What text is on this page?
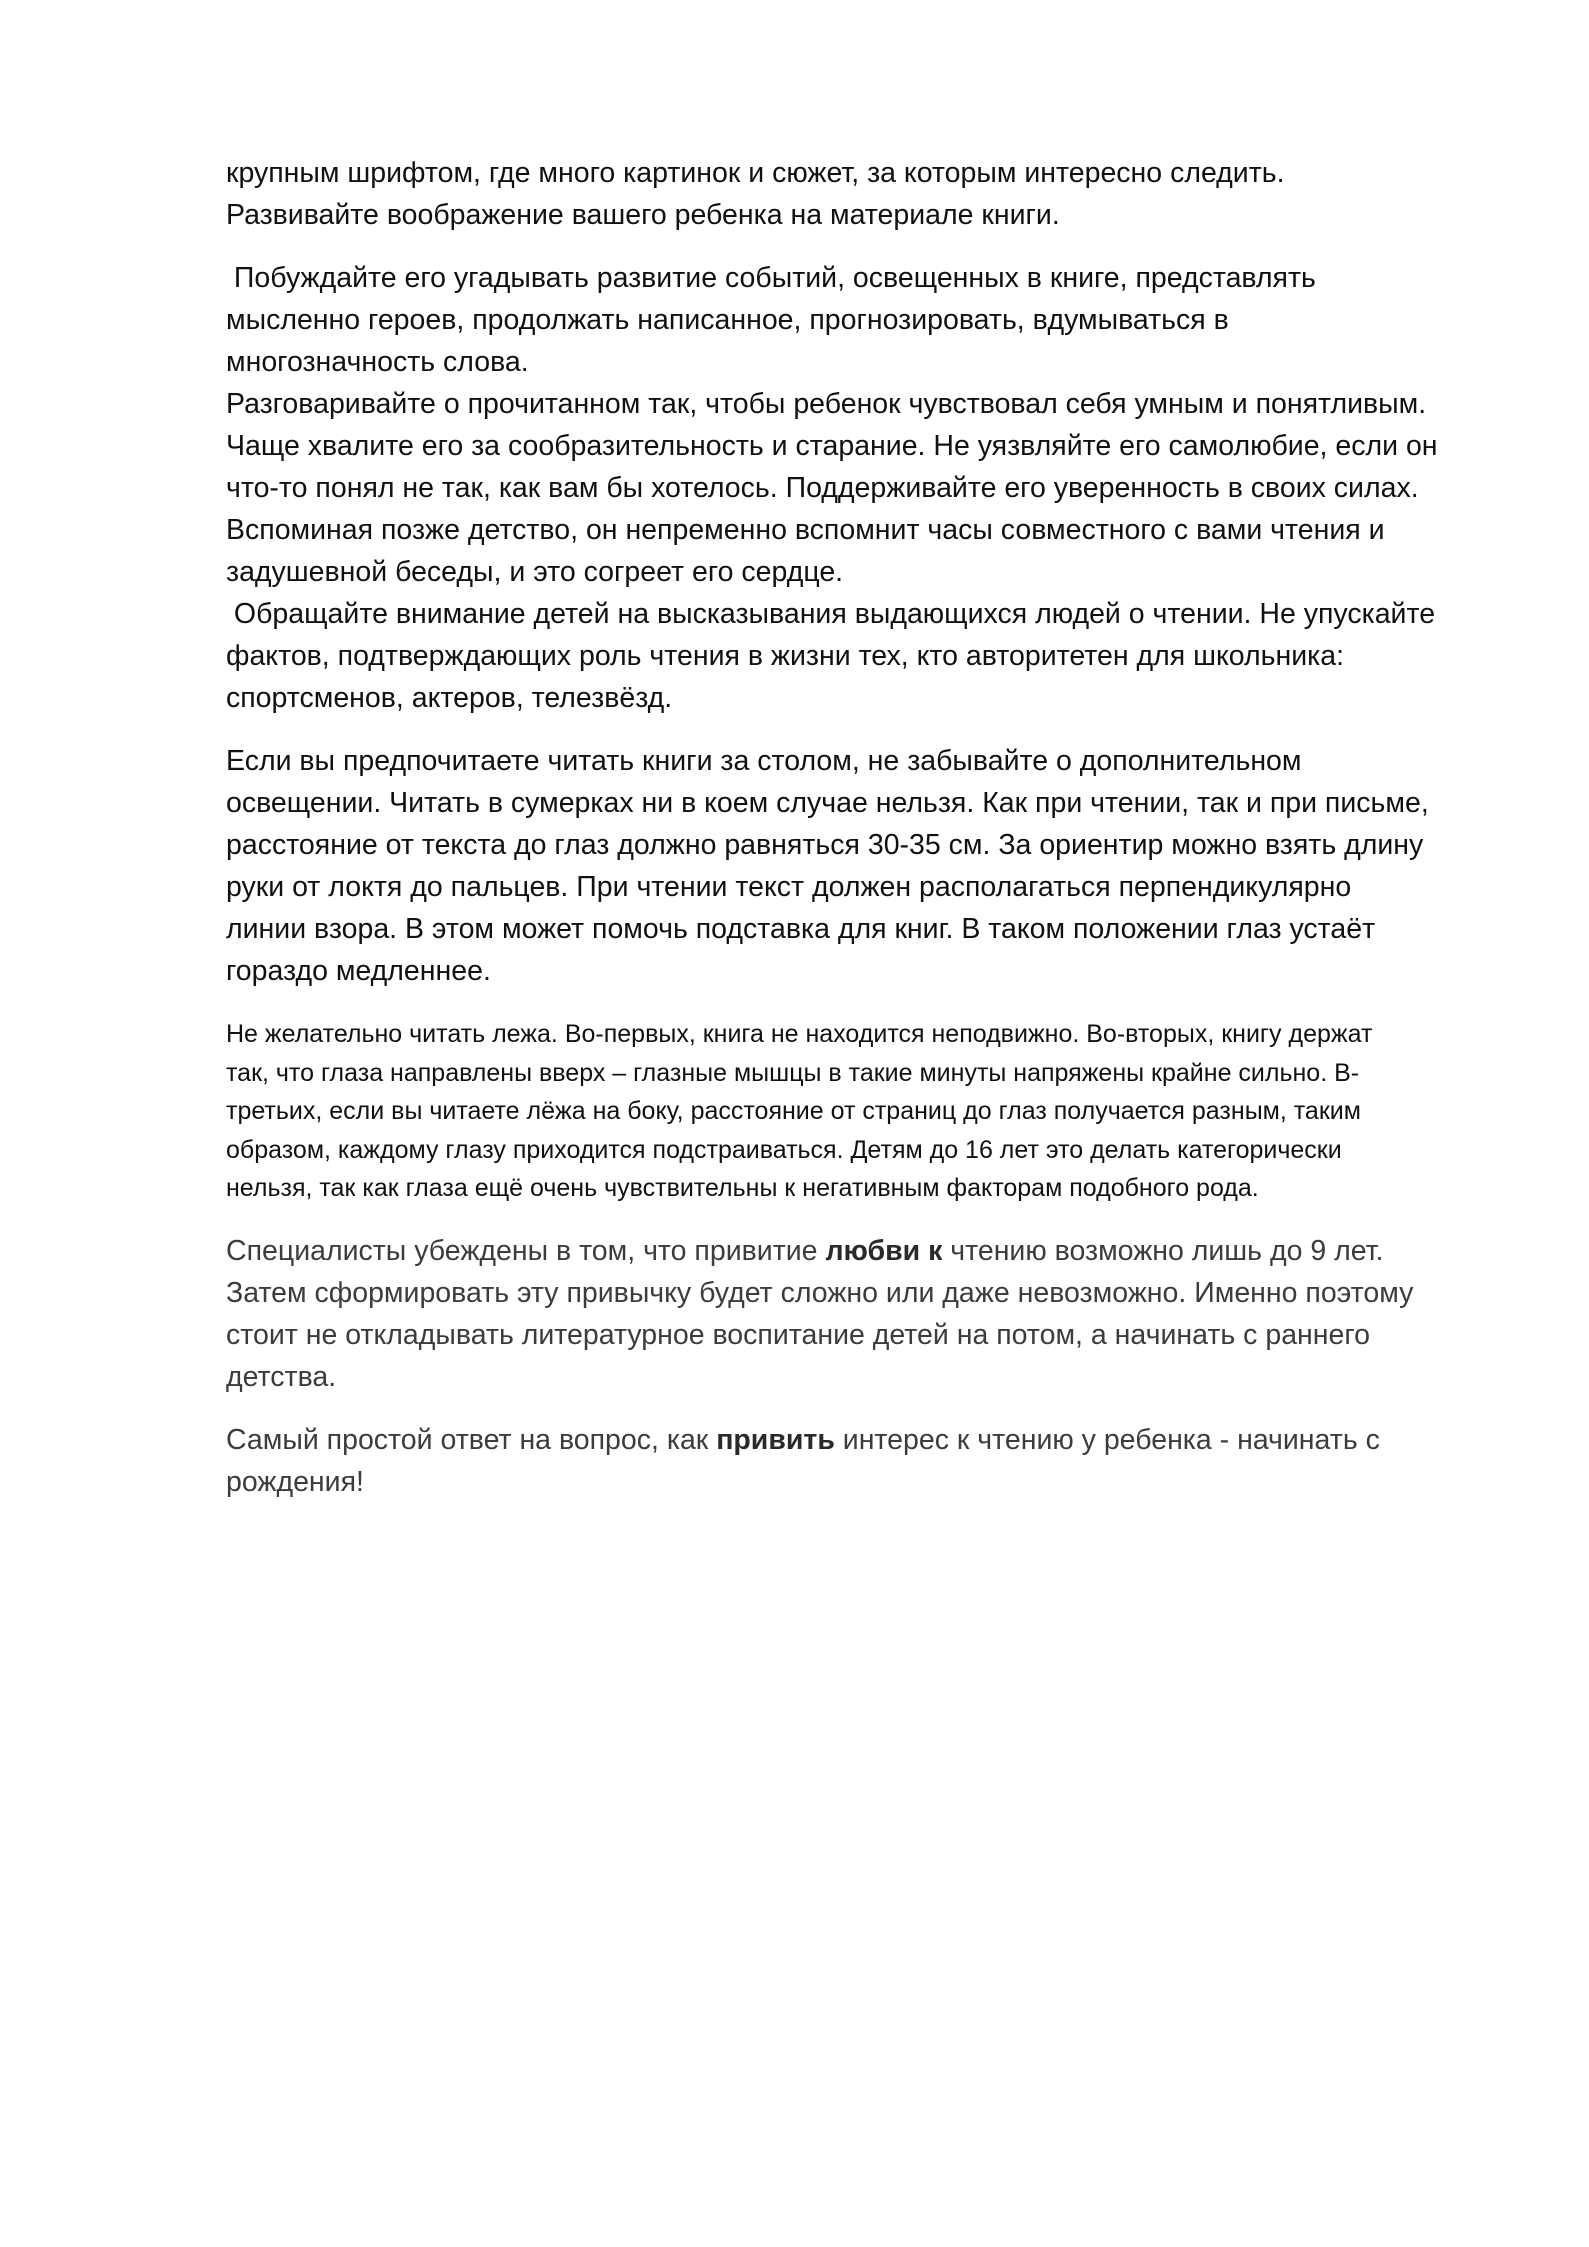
крупным шрифтом, где много картинок и сюжет, за которым интересно следить.
Развивайте воображение вашего ребенка на материале книги.

Побуждайте его угадывать развитие событий, освещенных в книге, представлять
мысленно героев, продолжать написанное, прогнозировать, вдумываться в
многозначность слова.
Разговаривайте о прочитанном так, чтобы ребенок чувствовал себя умным и понятливым.
Чаще хвалите его за сообразительность и старание. Не уязвляйте его самолюбие, если он
что-то понял не так, как вам бы хотелось. Поддерживайте его уверенность в своих силах.
Вспоминая позже детство, он непременно вспомнит часы совместного с вами чтения и
задушевной беседы, и это согреет его сердце.
Обращайте внимание детей на высказывания выдающихся людей о чтении. Не упускайте
фактов, подтверждающих роль чтения в жизни тех, кто авторитетен для школьника:
спортсменов, актеров, телезвёзд.

Если вы предпочитаете читать книги за столом, не забывайте о дополнительном
освещении. Читать в сумерках ни в коем случае нельзя. Как при чтении, так и при письме,
расстояние от текста до глаз должно равняться 30-35 см. За ориентир можно взять длину
руки от локтя до пальцев. При чтении текст должен располагаться перпендикулярно
линии взора. В этом может помочь подставка для книг. В таком положении глаз устаёт
гораздо медленнее.

Не желательно читать лежа. Во-первых, книга не находится неподвижно. Во-вторых, книгу держат
так, что глаза направлены вверх – глазные мышцы в такие минуты напряжены крайне сильно. В-
третьих, если вы читаете лёжа на боку, расстояние от страниц до глаз получается разным, таким
образом, каждому глазу приходится подстраиваться. Детям до 16 лет это делать категорически
нельзя, так как глаза ещё очень чувствительны к негативным факторам подобного рода.

Специалисты убеждены в том, что привитие любви к чтению возможно лишь до 9 лет.
Затем сформировать эту привычку будет сложно или даже невозможно. Именно поэтому
стоит не откладывать литературное воспитание детей на потом, а начинать с раннего
детства.

Самый простой ответ на вопрос, как привить интерес к чтению у ребенка - начинать с
рождения!
